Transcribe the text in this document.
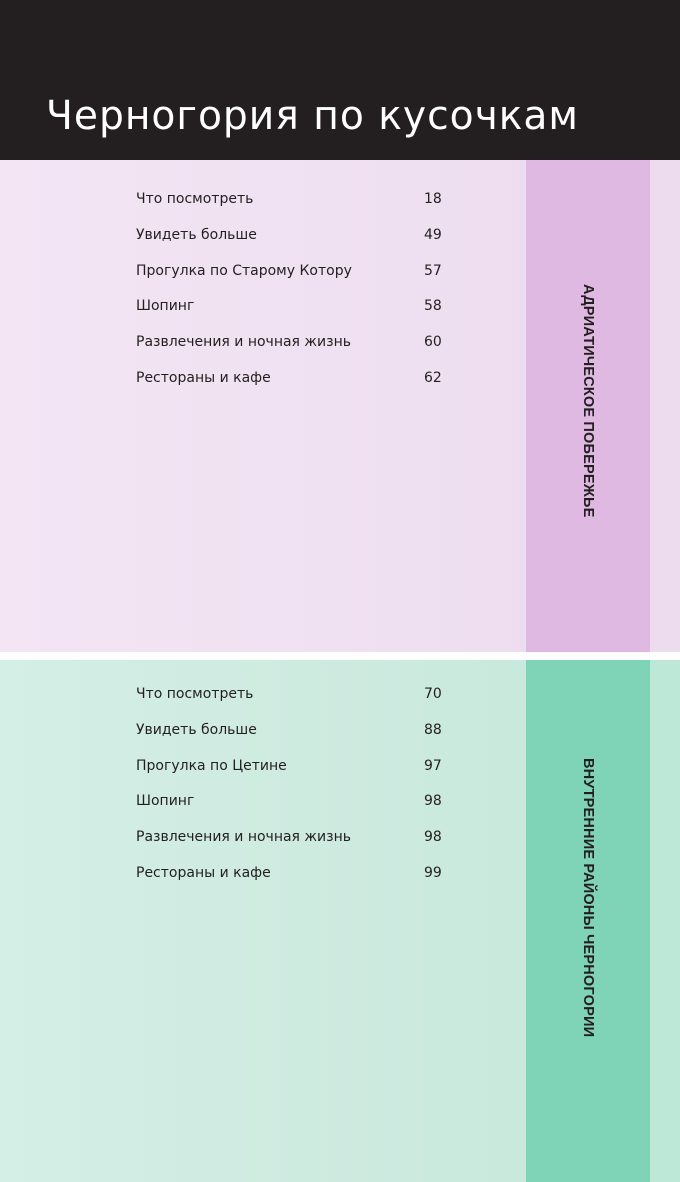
Черногория по кусочкам
Что посмотреть	18
Увидеть больше	49
Прогулка по Старому Котору	57
Шопинг	58
Развлечения и ночная жизнь	60
Рестораны и кафе	62	АДРИАТИЧЕСКОЕ ПОБЕРЕЖЬЕ
Что посмотреть	70
Увидеть больше	88
Прогулка по Цетине	97
Шопинг	98
Развлечения и ночная жизнь	98
Рестораны и кафе	99	ВНУТРЕННИЕ РАЙОНЫ ЧЕРНОГОРИИ
